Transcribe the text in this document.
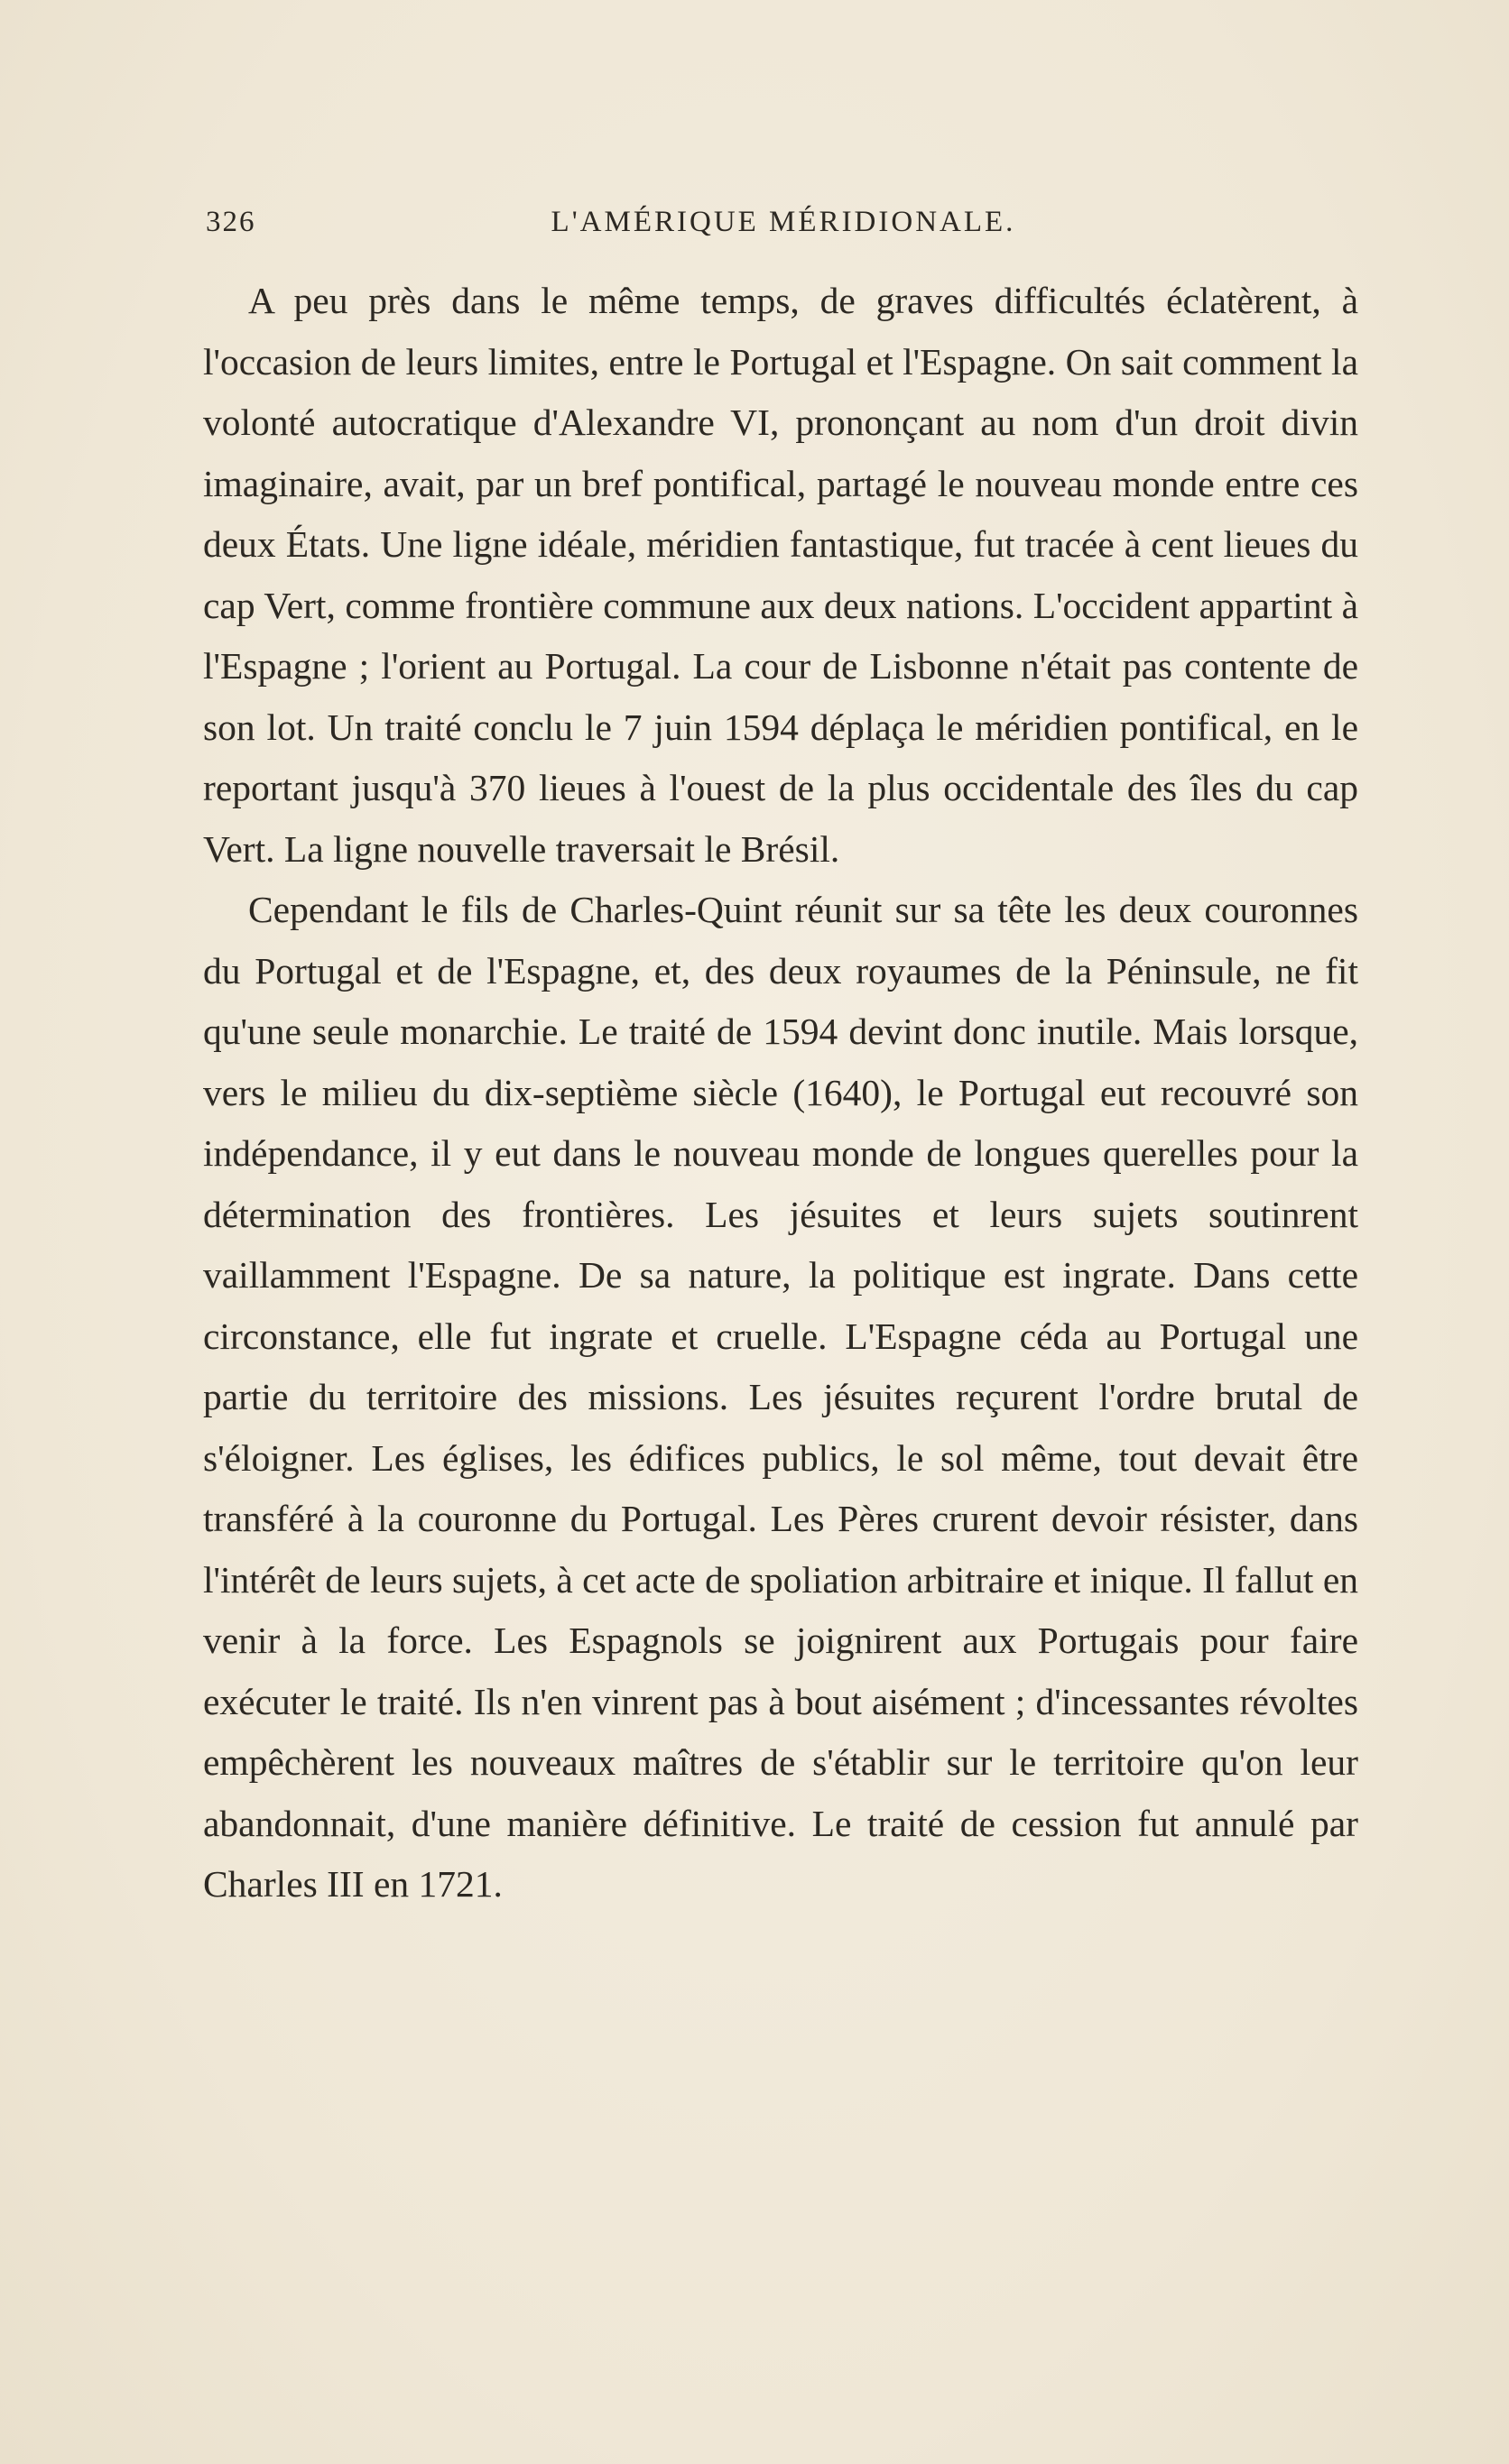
326	L'AMÉRIQUE MÉRIDIONALE.

A peu près dans le même temps, de graves difficultés éclatèrent, à l'occasion de leurs limites, entre le Portugal et l'Espagne. On sait comment la volonté autocratique d'Alexandre VI, prononçant au nom d'un droit divin imaginaire, avait, par un bref pontifical, partagé le nouveau monde entre ces deux États. Une ligne idéale, méridien fantastique, fut tracée à cent lieues du cap Vert, comme frontière commune aux deux nations. L'occident appartint à l'Espagne ; l'orient au Portugal. La cour de Lisbonne n'était pas contente de son lot. Un traité conclu le 7 juin 1594 déplaça le méridien pontifical, en le reportant jusqu'à 370 lieues à l'ouest de la plus occidentale des îles du cap Vert. La ligne nouvelle traversait le Brésil.

Cependant le fils de Charles-Quint réunit sur sa tête les deux couronnes du Portugal et de l'Espagne, et, des deux royaumes de la Péninsule, ne fit qu'une seule monarchie. Le traité de 1594 devint donc inutile. Mais lorsque, vers le milieu du dix-septième siècle (1640), le Portugal eut recouvré son indépendance, il y eut dans le nouveau monde de longues querelles pour la détermination des frontières. Les jésuites et leurs sujets soutinrent vaillamment l'Espagne. De sa nature, la politique est ingrate. Dans cette circonstance, elle fut ingrate et cruelle. L'Espagne céda au Portugal une partie du territoire des missions. Les jésuites reçurent l'ordre brutal de s'éloigner. Les églises, les édifices publics, le sol même, tout devait être transféré à la couronne du Portugal. Les Pères crurent devoir résister, dans l'intérêt de leurs sujets, à cet acte de spoliation arbitraire et inique. Il fallut en venir à la force. Les Espagnols se joignirent aux Portugais pour faire exécuter le traité. Ils n'en vinrent pas à bout aisément ; d'incessantes révoltes empêchèrent les nouveaux maîtres de s'établir sur le territoire qu'on leur abandonnait, d'une manière définitive. Le traité de cession fut annulé par Charles III en 1721.
